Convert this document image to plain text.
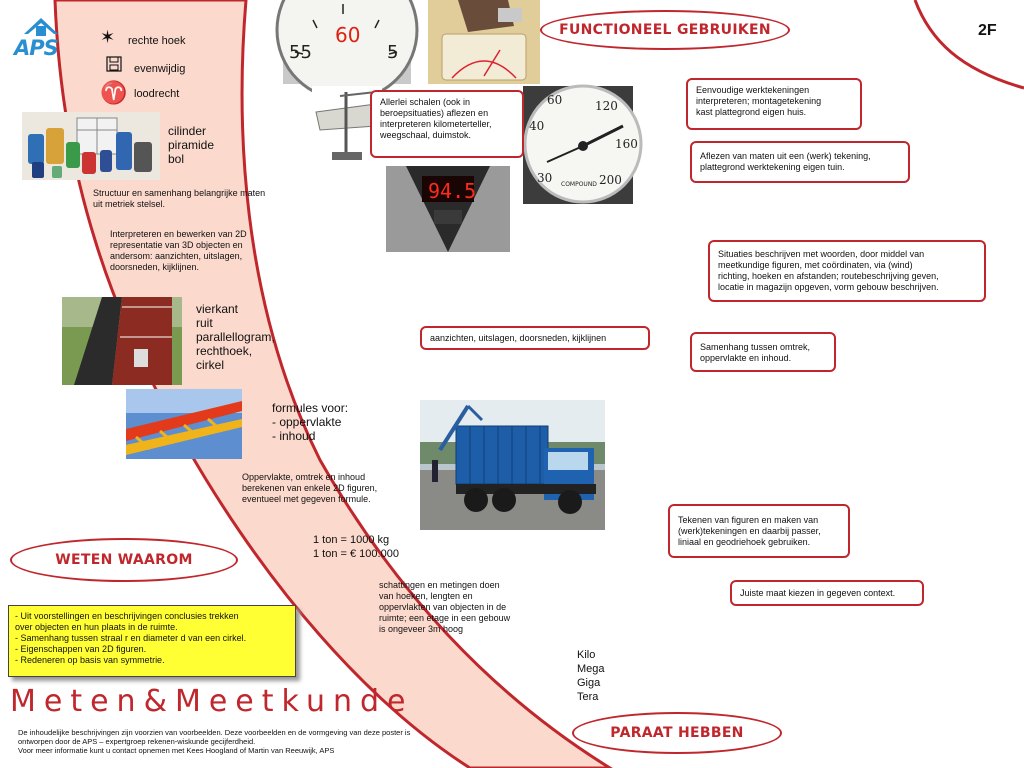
2F
APS ✶ rechte hoek
evenwijdig
♈ loodrecht
cilinder
piramide
bol
Structuur en samenhang belangrijke maten uit metriek stelsel.
Interpreteren en bewerken van 2D
representatie van 3D objecten en
andersom: aanzichten, uitslagen,
doorsneden, kijklijnen.
vierkant
ruit
parallellogram,
rechthoek,
cirkel
formules voor:
- oppervlakte
- inhoud
Oppervlakte, omtrek en inhoud
berekenen van enkele 2D figuren,
eventueel met gegeven formule.
1 ton = 1000 kg
1 ton = € 100.000
schattingen en metingen doen
van hoeken, lengten en
oppervlakten van objecten in de
ruimte; een etage in een gebouw
is ongeveer 3m hoog
Kilo
Mega
Giga
Tera
60
55	5
40
60	120
160
200
30 COMPOUND
94.5
FUNCTIONEEL GEBRUIKEN
WETEN WAAROM
PARAAT HEBBEN
Allerlei schalen (ook in
beroepsituaties) aflezen en
interpreteren kilometerteller,
weegschaal, duimstok.
Eenvoudige werktekeningen
interpreteren; montagetekening
kast plattegrond eigen huis.
Aflezen van maten uit een (werk) tekening,
plattegrond werktekening eigen tuin.
Situaties beschrijven met woorden, door middel van
meetkundige figuren, met coördinaten, via (wind)
richting, hoeken en afstanden; routebeschrijving geven,
locatie in magazijn opgeven, vorm gebouw beschrijven.
aanzichten, uitslagen, doorsneden, kijklijnen
Samenhang tussen omtrek,
oppervlakte en inhoud.
Tekenen van figuren en maken van
(werk)tekeningen en daarbij passer,
liniaal en geodriehoek gebruiken.
Juiste maat kiezen in gegeven context.
- Uit voorstellingen en beschrijvingen conclusies trekken
over objecten en hun plaats in de ruimte.
- Samenhang tussen straal r en diameter d van een cirkel.
- Eigenschappen van 2D figuren.
- Redeneren op basis van symmetrie.
Meten&Meetkunde
De inhoudelijke beschrijvingen zijn voorzien van voorbeelden. Deze voorbeelden en de vormgeving van deze poster is
ontworpen door de APS – expertgroep rekenen-wiskunde gecijferdheid.
Voor meer informatie kunt u contact opnemen met Kees Hoogland of Martin van Reeuwijk, APS
